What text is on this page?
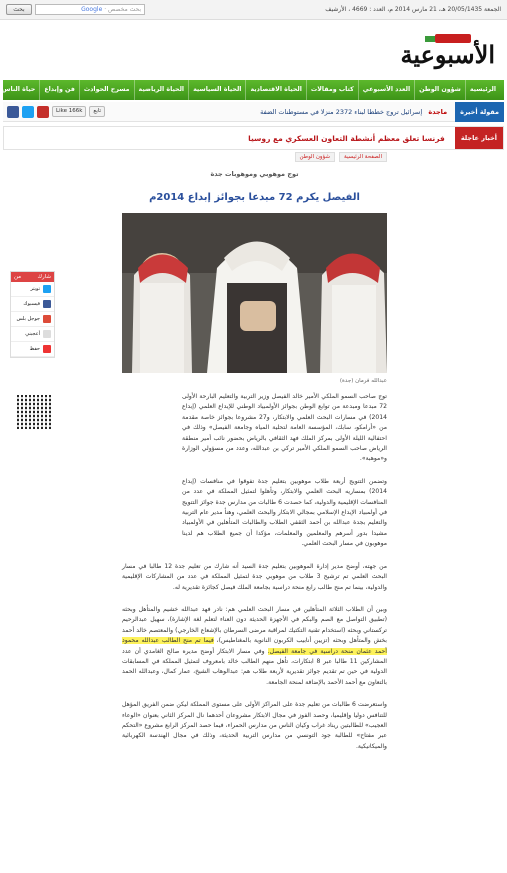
الجمعة 20/05/1435 هـ، 21 مارس 2014 م، العدد : 4669 ، الأرشيف
بحث	بحث مخصص · Google
الأسبوعية
الرئيسية
شؤون الوطن
العدد الأسبوعي
كتاب ومقالات
الحياة الاقتصادية
الحياة السياسية
الحياة الرياضية
مسرح الحوادث
فن وإبداع
حياة الناس
مقولة أخيرة
ماجدة   إسرائيل تروج خططا لبناء 2372 منزلا في مستوطنات الضفة
Like 166k	تابع
أخبار عاجلة
فرنسا تعلق معظم أنشطة التعاون العسكري مع روسيا
الصفحة الرئيسية
شؤون الوطن
توج موهوبي وموهوبات جدة
الفيصل يكرم 72 مبدعا بجوائز إبداع 2014م
عبدالله فرمان (جدة)

توج صاحب السمو الملكي الأمير خالد الفيصل وزير التربية والتعليم البارحة الأولى 72 مبدعا ومبدعة من توابع الوطن بجوائز الأولمبياد الوطني للإبداع العلمي (إبداع 2014) في مسارات البحث العلمي والابتكار، و27 مشروعا بجوائز خاصة مقدمة من «أرامكو، سابك، المؤسسة العامة لتحلية المياه وجامعة الفيصل» وذلك في احتفالية الليلة الأولى بمركز الملك فهد الثقافي بالرياض بحضور نائب أمير منطقة الرياض صاحب السمو الملكي الأمير تركي بن عبدالله، وعدد من مسؤولي الوزارة و«موهبة».

وتضمن التتويج أربعة طلاب موهوبين بتعليم جدة تفوقوا في منافسات (إبداع 2014) بمساريه البحث العلمي والابتكار، وتأهلوا لتمثيل المملكة في عدد من المنافسات الإقليمية والدولية، كما حصدت 6 طالبات من مدارس جدة جوائز التتويج في أولمبياد الإبداع الإسلامي بمجالي الابتكار والبحث العلمي، وهنأ مدير عام التربية والتعليم بجدة عبدالله بن أحمد الثقفي الطلاب والطالبات المتأهلين في الأولمبياد مشيدا بدور أسرهم والمعلمين والمعلمات، مؤكدا أن جميع الطلاب هم لدينا موهوبون في مسار البحث العلمي.

من جهته، أوضح مدير إدارة الموهوبين بتعليم جدة السيد أنه شارك من تعليم جدة 12 طالبا في مسار البحث العلمي تم ترشيح 3 طلاب من موهوبي جدة لتمثيل المملكة في عدد من المشاركات الإقليمية والدولية، بينما تم منح طالب رابع منحة دراسية بجامعة الملك فيصل كجائزة تقديرية له.

وبين أن الطلاب الثلاثة المتأهلين في مسار البحث العلمي هم: نادر فهد عبدالله خشيم والمتأهل وبحثه (تطبيق التواصل مع الصم والبكم في الأجهزة الحديثة دون العناء لتعلم لغة الإشارة)، سهيل عبدالرحيم تركستاني وبحثه (استخدام تقنية التكتيك لمراقبة مرضى السرطان بالإشعاع الخارجي) والمعتصم خالد أحمد بخش والمتأهل وبحثه (تزيين أنابيب الكربون النانوية بالمغناطيس)، فيما تم منح الطالب عبدالله محمود أحمد عثمان منحة دراسية في جامعة الفيصل. وفي مسار الابتكار أوضح مديره صالح الغامدي أن عدد المشاركين 11 طالبا عبر 8 ابتكارات، تأهل منهم الطالب خالد بامعروف لتمثيل المملكة في المسابقات الدولية في حين تم تقديم جوائز تقديرية لأربعة طلاب هم: عبدالوهاب الشيخ، عمار كمال، وعبدالله الحمد بالتعاون مع أحمد الأحمد بالإضافة لمنحة الجامعة.

واستعرضت 6 طالبات من تعليم جدة على المراكز الأولى على مستوى المملكة ليكن ضمن الفريق المؤهل للتنافس دوليا وإقليميا، وحصد الفوز في مجال الابتكار مشروعان أحدهما نال المركز الثاني بعنوان «الوعاء العجيب» للطالبتين ريناد غراب وكيان الناس من مدارس الحمراء، فيما حصد المركز الرابع مشروع «التحكم عبر مفتاح» للطالبة جود التونسي من مدارس التربية الحديثة، وذلك في مجال الهندسة الكهربائية والميكانيكية.

شارك
من
تويتر
فيسبوك
جوجل بلس
أعجبني
حفظ
